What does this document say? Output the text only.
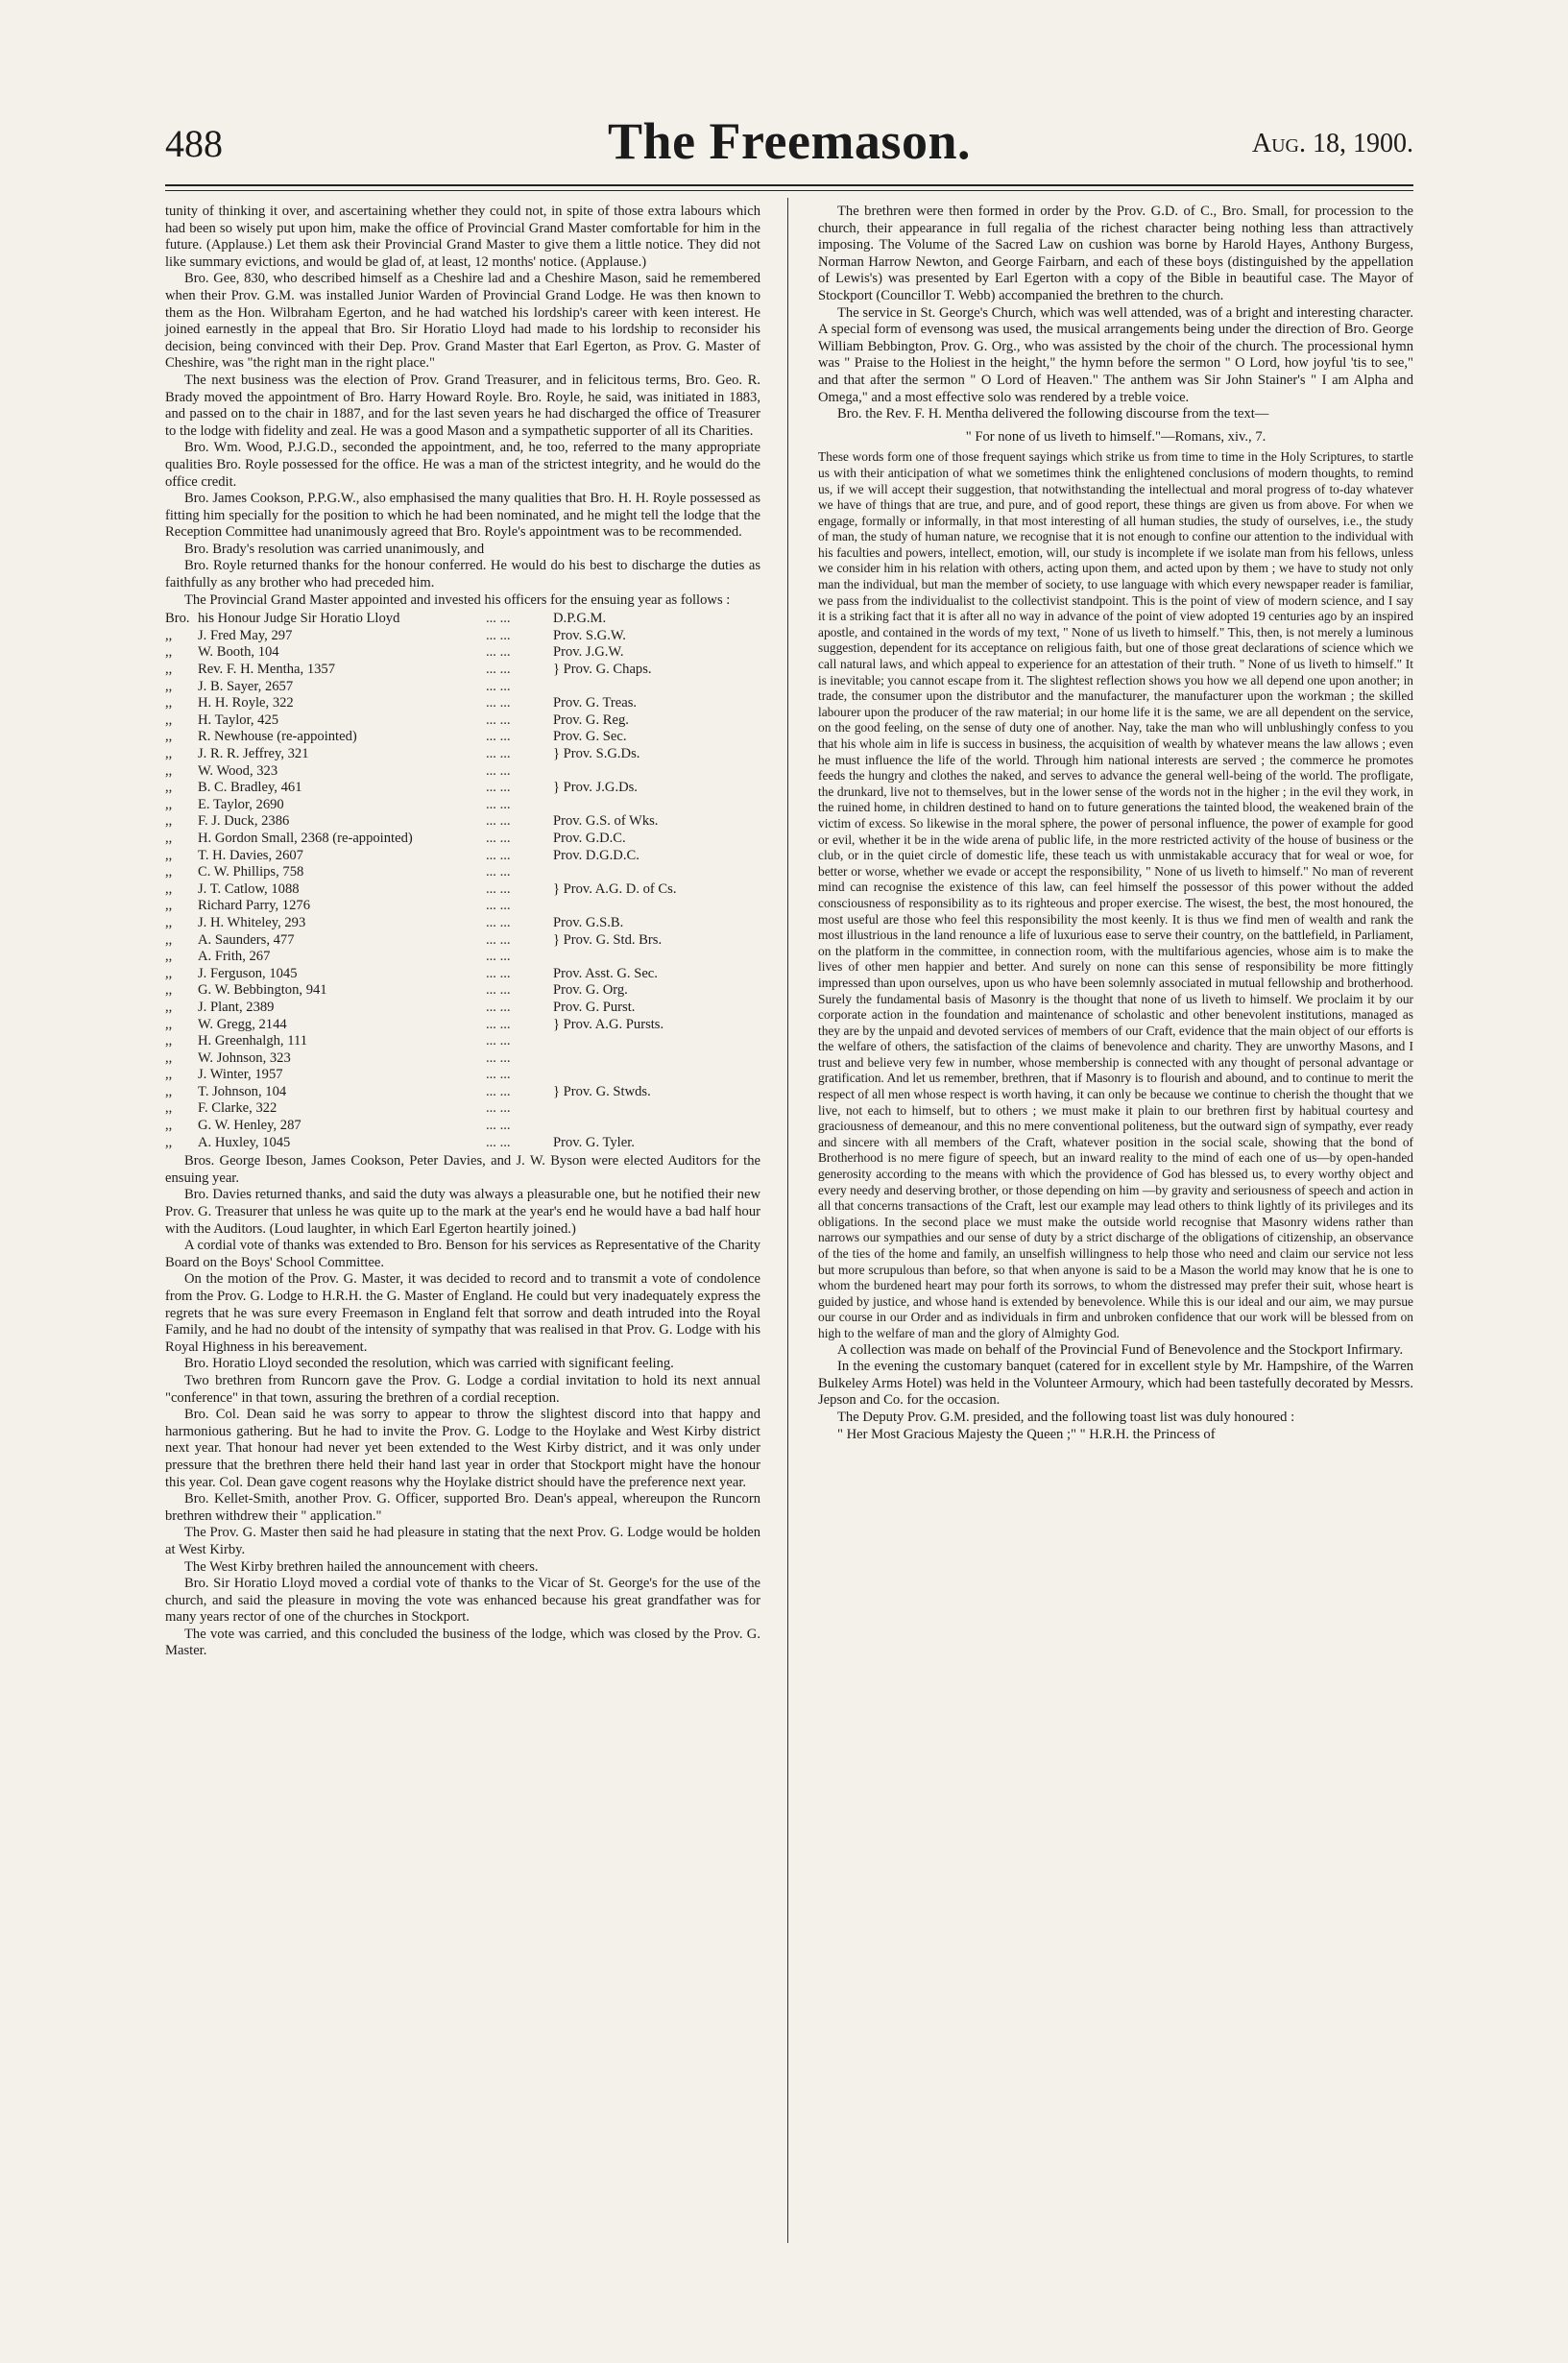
488	The Freemason.	Aug. 18, 1900.

tunity of thinking it over, and ascertaining whether they could not, in spite of those extra labours which had been so wisely put upon him, make the office of Provincial Grand Master comfortable for him in the future. (Applause.) Let them ask their Provincial Grand Master to give them a little notice. They did not like summary evictions, and would be glad of, at least, 12 months' notice. (Applause.)

Bro. Gee, 830, who described himself as a Cheshire lad and a Cheshire Mason, said he remembered when their Prov. G.M. was installed Junior Warden of Provincial Grand Lodge. He was then known to them as the Hon. Wilbraham Egerton, and he had watched his lordship's career with keen interest. He joined earnestly in the appeal that Bro. Sir Horatio Lloyd had made to his lordship to reconsider his decision, being convinced with their Dep. Prov. Grand Master that Earl Egerton, as Prov. G. Master of Cheshire, was "the right man in the right place."

The next business was the election of Prov. Grand Treasurer, and in felicitous terms, Bro. Geo. R. Brady moved the appointment of Bro. Harry Howard Royle. Bro. Royle, he said, was initiated in 1883, and passed on to the chair in 1887, and for the last seven years he had discharged the office of Treasurer to the lodge with fidelity and zeal. He was a good Mason and a sympathetic supporter of all its Charities.

Bro. Wm. Wood, P.J.G.D., seconded the appointment, and, he too, referred to the many appropriate qualities Bro. Royle possessed for the office. He was a man of the strictest integrity, and he would do the office credit.

Bro. James Cookson, P.P.G.W., also emphasised the many qualities that Bro. H. H. Royle possessed as fitting him specially for the position to which he had been nominated, and he might tell the lodge that the Reception Committee had unanimously agreed that Bro. Royle's appointment was to be recommended.

Bro. Brady's resolution was carried unanimously, and

Bro. Royle returned thanks for the honour conferred. He would do his best to discharge the duties as faithfully as any brother who had preceded him.

The Provincial Grand Master appointed and invested his officers for the ensuing year as follows :

Bro.	his Honour Judge Sir Horatio Lloyd	... ...	D.P.G.M.
,,	J. Fred May, 297	... ...	Prov. S.G.W.
,,	W. Booth, 104	... ...	Prov. J.G.W.
,,	Rev. F. H. Mentha, 1357	... ...	} Prov. G. Chaps.
,,	J. B. Sayer, 2657	... ...	
,,	H. H. Royle, 322	... ...	Prov. G. Treas.
,,	H. Taylor, 425	... ...	Prov. G. Reg.
,,	R. Newhouse (re-appointed)	... ...	Prov. G. Sec.
,,	J. R. R. Jeffrey, 321	... ...	} Prov. S.G.Ds.
,,	W. Wood, 323	... ...	
,,	B. C. Bradley, 461	... ...	} Prov. J.G.Ds.
,,	E. Taylor, 2690	... ...	
,,	F. J. Duck, 2386	... ...	Prov. G.S. of Wks.
,,	H. Gordon Small, 2368 (re-appointed)	... ...	Prov. G.D.C.
,,	T. H. Davies, 2607	... ...	Prov. D.G.D.C.
,,	C. W. Phillips, 758	... ...	
,,	J. T. Catlow, 1088	... ...	} Prov. A.G. D. of Cs.
,,	Richard Parry, 1276	... ...	
,,	J. H. Whiteley, 293	... ...	Prov. G.S.B.
,,	A. Saunders, 477	... ...	} Prov. G. Std. Brs.
,,	A. Frith, 267	... ...	
,,	J. Ferguson, 1045	... ...	Prov. Asst. G. Sec.
,,	G. W. Bebbington, 941	... ...	Prov. G. Org.
,,	J. Plant, 2389	... ...	Prov. G. Purst.
,,	W. Gregg, 2144	... ...	} Prov. A.G. Pursts.
,,	H. Greenhalgh, 111	... ...	
,,	W. Johnson, 323	... ...	
,,	J. Winter, 1957	... ...	
,,	T. Johnson, 104	... ...	} Prov. G. Stwds.
,,	F. Clarke, 322	... ...	
,,	G. W. Henley, 287	... ...	
,,	A. Huxley, 1045	... ...	Prov. G. Tyler.

Bros. George Ibeson, James Cookson, Peter Davies, and J. W. Byson were elected Auditors for the ensuing year.

Bro. Davies returned thanks, and said the duty was always a pleasurable one, but he notified their new Prov. G. Treasurer that unless he was quite up to the mark at the year's end he would have a bad half hour with the Auditors. (Loud laughter, in which Earl Egerton heartily joined.)

A cordial vote of thanks was extended to Bro. Benson for his services as Representative of the Charity Board on the Boys' School Committee.

On the motion of the Prov. G. Master, it was decided to record and to transmit a vote of condolence from the Prov. G. Lodge to H.R.H. the G. Master of England. He could but very inadequately express the regrets that he was sure every Freemason in England felt that sorrow and death intruded into the Royal Family, and he had no doubt of the intensity of sympathy that was realised in that Prov. G. Lodge with his Royal Highness in his bereavement.

Bro. Horatio Lloyd seconded the resolution, which was carried with significant feeling.

Two brethren from Runcorn gave the Prov. G. Lodge a cordial invitation to hold its next annual "conference" in that town, assuring the brethren of a cordial reception.

Bro. Col. Dean said he was sorry to appear to throw the slightest discord into that happy and harmonious gathering. But he had to invite the Prov. G. Lodge to the Hoylake and West Kirby district next year. That honour had never yet been extended to the West Kirby district, and it was only under pressure that the brethren there held their hand last year in order that Stockport might have the honour this year. Col. Dean gave cogent reasons why the Hoylake district should have the preference next year.

Bro. Kellet-Smith, another Prov. G. Officer, supported Bro. Dean's appeal, whereupon the Runcorn brethren withdrew their " application."

The Prov. G. Master then said he had pleasure in stating that the next Prov. G. Lodge would be holden at West Kirby.

The West Kirby brethren hailed the announcement with cheers.

Bro. Sir Horatio Lloyd moved a cordial vote of thanks to the Vicar of St. George's for the use of the church, and said the pleasure in moving the vote was enhanced because his great grandfather was for many years rector of one of the churches in Stockport.

The vote was carried, and this concluded the business of the lodge, which was closed by the Prov. G. Master.

The brethren were then formed in order by the Prov. G.D. of C., Bro. Small, for procession to the church, their appearance in full regalia of the richest character being nothing less than attractively imposing. The Volume of the Sacred Law on cushion was borne by Harold Hayes, Anthony Burgess, Norman Harrow Newton, and George Fairbarn, and each of these boys (distinguished by the appellation of Lewis's) was presented by Earl Egerton with a copy of the Bible in beautiful case. The Mayor of Stockport (Councillor T. Webb) accompanied the brethren to the church.

The service in St. George's Church, which was well attended, was of a bright and interesting character. A special form of evensong was used, the musical arrangements being under the direction of Bro. George William Bebbington, Prov. G. Org., who was assisted by the choir of the church. The processional hymn was " Praise to the Holiest in the height," the hymn before the sermon " O Lord, how joyful 'tis to see," and that after the sermon " O Lord of Heaven." The anthem was Sir John Stainer's " I am Alpha and Omega," and a most effective solo was rendered by a treble voice.

Bro. the Rev. F. H. Mentha delivered the following discourse from the text—

" For none of us liveth to himself."—Romans, xiv., 7.

These words form one of those frequent sayings which strike us from time to time in the Holy Scriptures, to startle us with their anticipation of what we sometimes think the enlightened conclusions of modern thoughts, to remind us, if we will accept their suggestion, that notwithstanding the intellectual and moral progress of to-day whatever we have of things that are true, and pure, and of good report, these things are given us from above. For when we engage, formally or informally, in that most interesting of all human studies, the study of ourselves, i.e., the study of man, the study of human nature, we recognise that it is not enough to confine our attention to the individual with his faculties and powers, intellect, emotion, will, our study is incomplete if we isolate man from his fellows, unless we consider him in his relation with others, acting upon them, and acted upon by them ; we have to study not only man the individual, but man the member of society, to use language with which every newspaper reader is familiar, we pass from the individualist to the collectivist standpoint. This is the point of view of modern science, and I say it is a striking fact that it is after all no way in advance of the point of view adopted 19 centuries ago by an inspired apostle, and contained in the words of my text, " None of us liveth to himself." This, then, is not merely a luminous suggestion, dependent for its acceptance on religious faith, but one of those great declarations of science which we call natural laws, and which appeal to experience for an attestation of their truth. " None of us liveth to himself." It is inevitable; you cannot escape from it. The slightest reflection shows you how we all depend one upon another; in trade, the consumer upon the distributor and the manufacturer, the manufacturer upon the workman ; the skilled labourer upon the producer of the raw material; in our home life it is the same, we are all dependent on the service, on the good feeling, on the sense of duty one of another. Nay, take the man who will unblushingly confess to you that his whole aim in life is success in business, the acquisition of wealth by whatever means the law allows ; even he must influence the life of the world. Through him national interests are served ; the commerce he promotes feeds the hungry and clothes the naked, and serves to advance the general well-being of the world. The profligate, the drunkard, live not to themselves, but in the lower sense of the words not in the higher ; in the evil they work, in the ruined home, in children destined to hand on to future generations the tainted blood, the weakened brain of the victim of excess. So likewise in the moral sphere, the power of personal influence, the power of example for good or evil, whether it be in the wide arena of public life, in the more restricted activity of the house of business or the club, or in the quiet circle of domestic life, these teach us with unmistakable accuracy that for weal or woe, for better or worse, whether we evade or accept the responsibility, " None of us liveth to himself." No man of reverent mind can recognise the existence of this law, can feel himself the possessor of this power without the added consciousness of responsibility as to its righteous and proper exercise. The wisest, the best, the most honoured, the most useful are those who feel this responsibility the most keenly. It is thus we find men of wealth and rank the most illustrious in the land renounce a life of luxurious ease to serve their country, on the battlefield, in Parliament, on the platform in the committee, in connection room, with the multifarious agencies, whose aim is to make the lives of other men happier and better. And surely on none can this sense of responsibility be more fittingly impressed than upon ourselves, upon us who have been solemnly associated in mutual fellowship and brotherhood. Surely the fundamental basis of Masonry is the thought that none of us liveth to himself. We proclaim it by our corporate action in the foundation and maintenance of scholastic and other benevolent institutions, managed as they are by the unpaid and devoted services of members of our Craft, evidence that the main object of our efforts is the welfare of others, the satisfaction of the claims of benevolence and charity. They are unworthy Masons, and I trust and believe very few in number, whose membership is connected with any thought of personal advantage or gratification. And let us remember, brethren, that if Masonry is to flourish and abound, and to continue to merit the respect of all men whose respect is worth having, it can only be because we continue to cherish the thought that we live, not each to himself, but to others ; we must make it plain to our brethren first by habitual courtesy and graciousness of demeanour, and this no mere conventional politeness, but the outward sign of sympathy, ever ready and sincere with all members of the Craft, whatever position in the social scale, showing that the bond of Brotherhood is no mere figure of speech, but an inward reality to the mind of each one of us—by open-handed generosity according to the means with which the providence of God has blessed us, to every worthy object and every needy and deserving brother, or those depending on him —by gravity and seriousness of speech and action in all that concerns transactions of the Craft, lest our example may lead others to think lightly of its privileges and its obligations. In the second place we must make the outside world recognise that Masonry widens rather than narrows our sympathies and our sense of duty by a strict discharge of the obligations of citizenship, an observance of the ties of the home and family, an unselfish willingness to help those who need and claim our service not less but more scrupulous than before, so that when anyone is said to be a Mason the world may know that he is one to whom the burdened heart may pour forth its sorrows, to whom the distressed may prefer their suit, whose heart is guided by justice, and whose hand is extended by benevolence. While this is our ideal and our aim, we may pursue our course in our Order and as individuals in firm and unbroken confidence that our work will be blessed from on high to the welfare of man and the glory of Almighty God.

A collection was made on behalf of the Provincial Fund of Benevolence and the Stockport Infirmary.

In the evening the customary banquet (catered for in excellent style by Mr. Hampshire, of the Warren Bulkeley Arms Hotel) was held in the Volunteer Armoury, which had been tastefully decorated by Messrs. Jepson and Co. for the occasion.

The Deputy Prov. G.M. presided, and the following toast list was duly honoured :

" Her Most Gracious Majesty the Queen ;" " H.R.H. the Princess of
